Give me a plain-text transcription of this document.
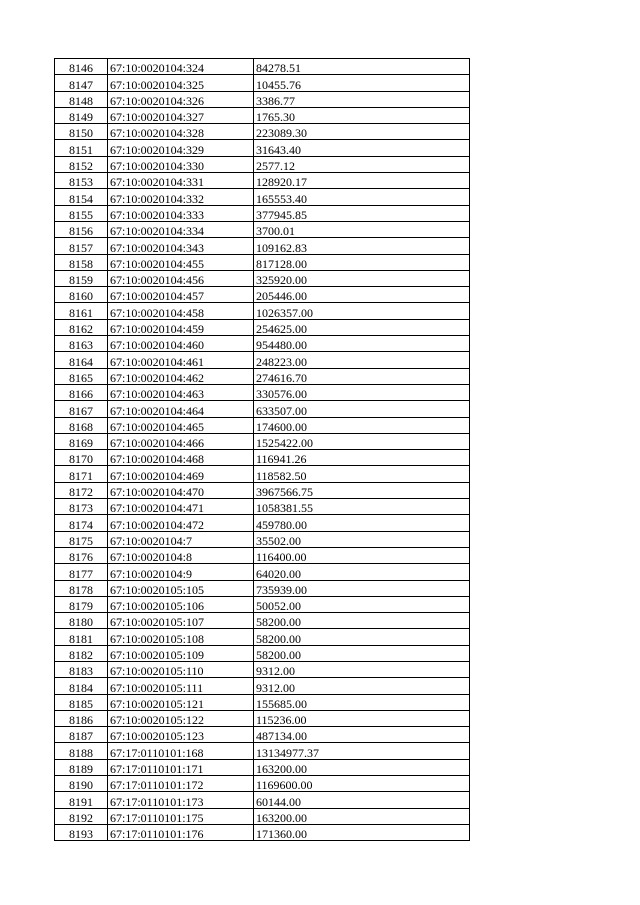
8146	67:10:0020104:324	84278.51
8147	67:10:0020104:325	10455.76
8148	67:10:0020104:326	3386.77
8149	67:10:0020104:327	1765.30
8150	67:10:0020104:328	223089.30
8151	67:10:0020104:329	31643.40
8152	67:10:0020104:330	2577.12
8153	67:10:0020104:331	128920.17
8154	67:10:0020104:332	165553.40
8155	67:10:0020104:333	377945.85
8156	67:10:0020104:334	3700.01
8157	67:10:0020104:343	109162.83
8158	67:10:0020104:455	817128.00
8159	67:10:0020104:456	325920.00
8160	67:10:0020104:457	205446.00
8161	67:10:0020104:458	1026357.00
8162	67:10:0020104:459	254625.00
8163	67:10:0020104:460	954480.00
8164	67:10:0020104:461	248223.00
8165	67:10:0020104:462	274616.70
8166	67:10:0020104:463	330576.00
8167	67:10:0020104:464	633507.00
8168	67:10:0020104:465	174600.00
8169	67:10:0020104:466	1525422.00
8170	67:10:0020104:468	116941.26
8171	67:10:0020104:469	118582.50
8172	67:10:0020104:470	3967566.75
8173	67:10:0020104:471	1058381.55
8174	67:10:0020104:472	459780.00
8175	67:10:0020104:7	35502.00
8176	67:10:0020104:8	116400.00
8177	67:10:0020104:9	64020.00
8178	67:10:0020105:105	735939.00
8179	67:10:0020105:106	50052.00
8180	67:10:0020105:107	58200.00
8181	67:10:0020105:108	58200.00
8182	67:10:0020105:109	58200.00
8183	67:10:0020105:110	9312.00
8184	67:10:0020105:111	9312.00
8185	67:10:0020105:121	155685.00
8186	67:10:0020105:122	115236.00
8187	67:10:0020105:123	487134.00
8188	67:17:0110101:168	13134977.37
8189	67:17:0110101:171	163200.00
8190	67:17:0110101:172	1169600.00
8191	67:17:0110101:173	60144.00
8192	67:17:0110101:175	163200.00
8193	67:17:0110101:176	171360.00
